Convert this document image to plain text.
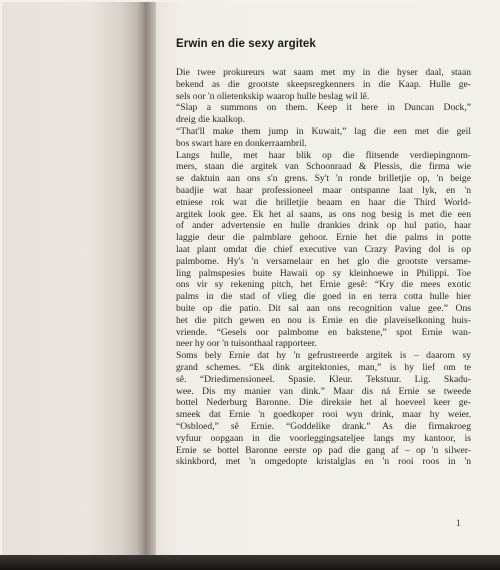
Erwin en die sexy argitek
Die twee prokureurs wat saam met my in die hyser daal, staan
bekend as die grootste skeepsregkenners in die Kaap. Hulle ge-
sels oor 'n olietenkskip waarop hulle beslag wil lê.
“Slap a summons on them. Keep it here in Duncan Dock,”
dreig die kaalkop.
“That'll make them jump in Kuwait,” lag die een met die geil
bos swart hare en donkerraambril.
Langs hulle, met haar blik op die flitsende verdiepingnom-
mers, staan die argitek van Schoonraad & Plessis, die firma wie
se daktuin aan ons s'n grens. Sy't 'n ronde brilletjie op, 'n beige
baadjie wat haar professioneel maar ontspanne laat lyk, en 'n
etniese rok wat die brilletjie beaam en haar die Third World-
argitek look gee. Ek het al saans, as ons nog besig is met die een
of ander advertensie en hulle drankies drink op hul patio, haar
laggie deur die palmblare gehoor. Ernie het die palms in potte
laat plant omdat die chief executive van Crazy Paving dol is op
palmbome. Hy's 'n versamelaar en het glo die grootste versame-
ling palmspesies buite Hawaii op sy kleinhoewe in Philippi. Toe
ons vir sy rekening pitch, het Ernie gesê: “Kry die mees exotic
palms in die stad of vlieg die goed in en terra cotta hulle hier
buite op die patio. Dit sal aan ons recognition value gee.” Ons
het die pitch gewen en nou is Ernie en die plaveiselkoning huis-
vriende. “Gesels oor palmbome en bakstene,” spot Ernie wan-
neer hy oor 'n tuisonthaal rapporteer.
Soms bely Ernie dat hy 'n gefrustreerde argitek is – daarom sy
grand schemes. “Ek dink argitektonies, man,” is hy lief om te
sê. “Driedimensioneel. Spasie. Kleur. Tekstuur. Lig. Skadu-
wee. Dis my manier van dink.” Maar dis ná Ernie se tweede
bottel Nederburg Baronne. Die direksie het al hoeveel keer ge-
smeek dat Ernie 'n goedkoper rooi wyn drink, maar hy weier.
“Osbloed,” sê Ernie. “Goddelike drank.” As die firmakroeg
vyfuur oopgaan in die voorleggingsateljee langs my kantoor, is
Ernie se bottel Baronne eerste op pad die gang af – op 'n silwer-
skinkbord, met 'n omgedopte kristalglas en 'n rooi roos in 'n
1
